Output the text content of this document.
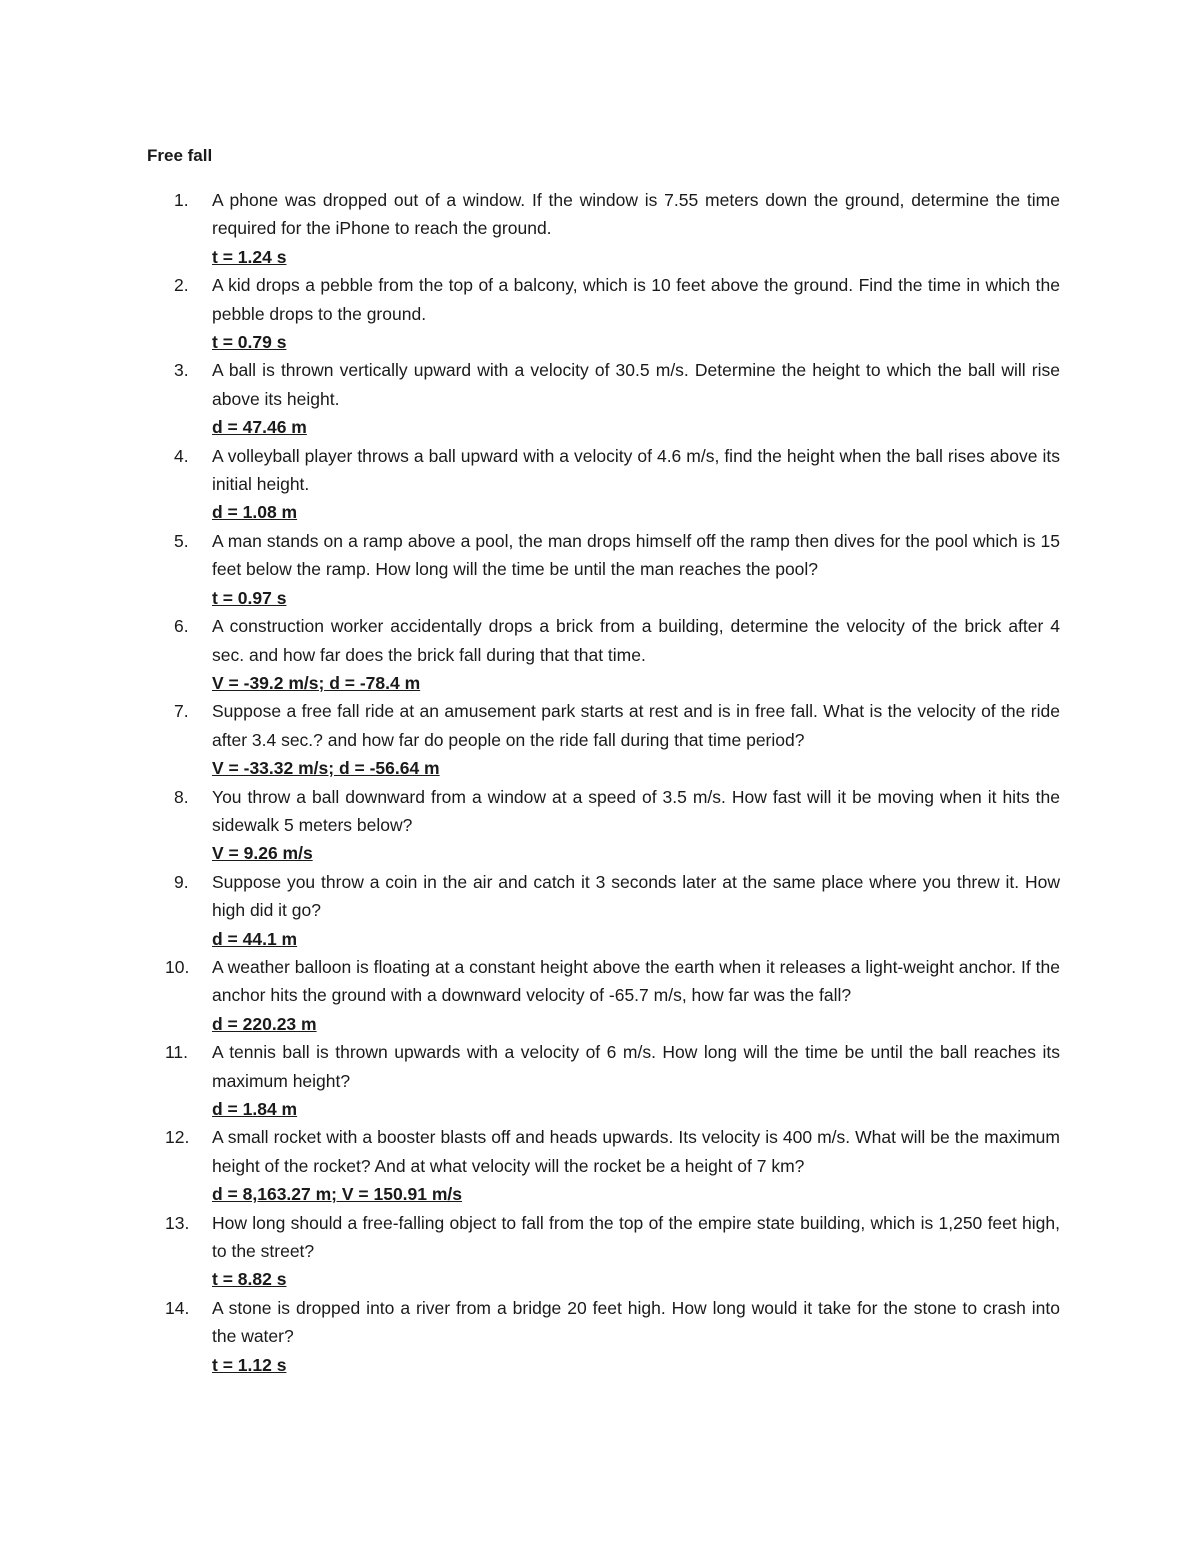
Free fall
1.	A phone was dropped out of a window. If the window is 7.55 meters down the ground, determine the time required for the iPhone to reach the ground.
t = 1.24 s
2.	A kid drops a pebble from the top of a balcony, which is 10 feet above the ground. Find the time in which the pebble drops to the ground.
t = 0.79 s
3.	A ball is thrown vertically upward with a velocity of 30.5 m/s. Determine the height to which the ball will rise above its height.
d = 47.46 m
4.	A volleyball player throws a ball upward with a velocity of 4.6 m/s, find the height when the ball rises above its initial height.
d = 1.08 m
5.	A man stands on a ramp above a pool, the man drops himself off the ramp then dives for the pool which is 15 feet below the ramp. How long will the time be until the man reaches the pool?
t = 0.97 s
6.	A construction worker accidentally drops a brick from a building, determine the velocity of the brick after 4 sec. and how far does the brick fall during that that time.
V = -39.2 m/s; d = -78.4 m
7.	Suppose a free fall ride at an amusement park starts at rest and is in free fall. What is the velocity of the ride after 3.4 sec.? and how far do people on the ride fall during that time period?
V = -33.32 m/s; d = -56.64 m
8.	You throw a ball downward from a window at a speed of 3.5 m/s. How fast will it be moving when it hits the sidewalk 5 meters below?
V = 9.26 m/s
9.	Suppose you throw a coin in the air and catch it 3 seconds later at the same place where you threw it. How high did it go?
d = 44.1 m
10.	A weather balloon is floating at a constant height above the earth when it releases a light-weight anchor. If the anchor hits the ground with a downward velocity of -65.7 m/s, how far was the fall?
d = 220.23 m
11.	A tennis ball is thrown upwards with a velocity of 6 m/s. How long will the time be until the ball reaches its maximum height?
d = 1.84 m
12.	A small rocket with a booster blasts off and heads upwards. Its velocity is 400 m/s. What will be the maximum height of the rocket? And at what velocity will the rocket be a height of 7 km?
d = 8,163.27 m; V = 150.91 m/s
13.	How long should a free-falling object to fall from the top of the empire state building, which is 1,250 feet high, to the street?
t = 8.82 s
14.	A stone is dropped into a river from a bridge 20 feet high. How long would it take for the stone to crash into the water?
t = 1.12 s
